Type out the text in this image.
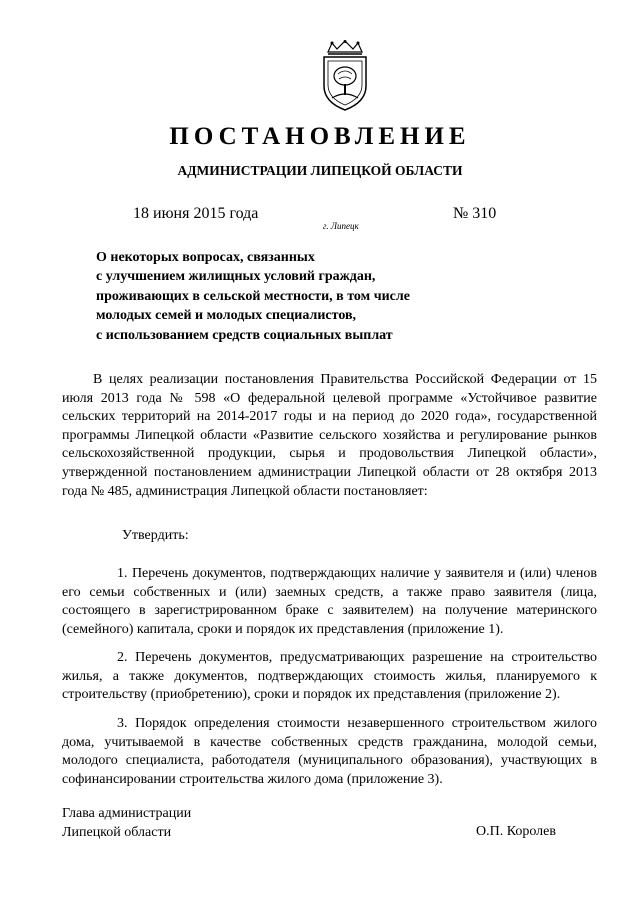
ПОСТАНОВЛЕНИЕ
АДМИНИСТРАЦИИ ЛИПЕЦКОЙ ОБЛАСТИ
18 июня 2015 года
г. Липецк
№ 310
О некоторых вопросах, связанных
с улучшением жилищных условий граждан,
проживающих в сельской местности, в том числе
молодых семей и молодых специалистов,
с использованием средств социальных выплат

В целях реализации постановления Правительства Российской Федерации от 15 июля 2013 года № 598 «О федеральной целевой программе «Устойчивое развитие сельских территорий на 2014-2017 годы и на период до 2020 года», государственной программы Липецкой области «Развитие сельского хозяйства и регулирование рынков сельскохозяйственной продукции, сырья и продовольствия Липецкой области», утвержденной постановлением администрации Липецкой области от 28 октября 2013 года № 485, администрация Липецкой области постановляет:

Утвердить:

1. Перечень документов, подтверждающих наличие у заявителя и (или) членов его семьи собственных и (или) заемных средств, а также право заявителя (лица, состоящего в зарегистрированном браке с заявителем) на получение материнского (семейного) капитала, сроки и порядок их представления (приложение 1).

2. Перечень документов, предусматривающих разрешение на строительство жилья, а также документов, подтверждающих стоимость жилья, планируемого к строительству (приобретению), сроки и порядок их представления (приложение 2).

3. Порядок определения стоимости незавершенного строительством жилого дома, учитываемой в качестве собственных средств гражданина, молодой семьи, молодого специалиста, работодателя (муниципального образования), участвующих в софинансировании строительства жилого дома (приложение 3).

Глава администрации
Липецкой области	О.П. Королев
